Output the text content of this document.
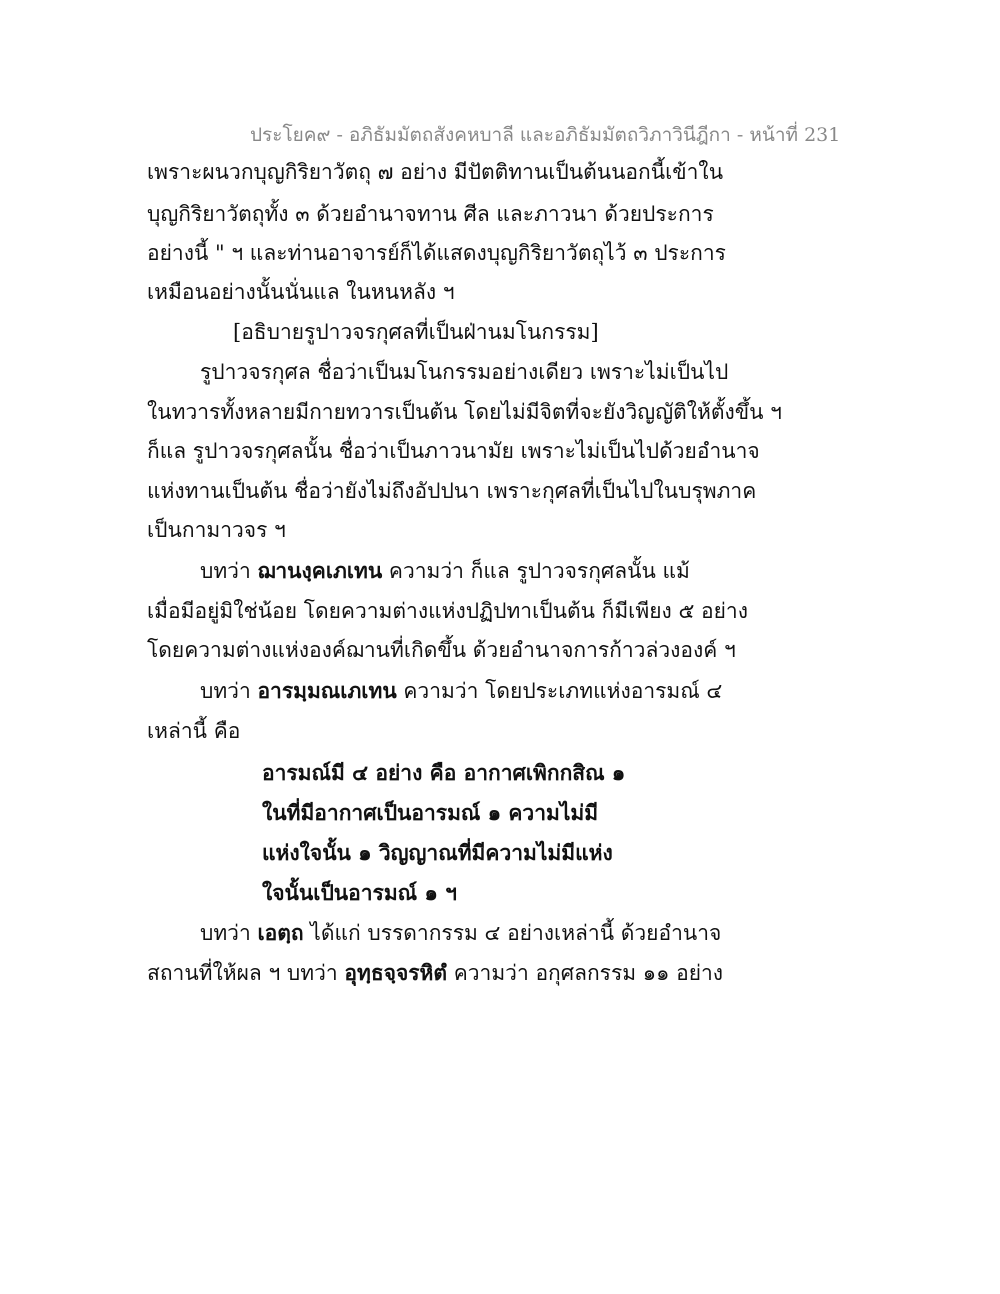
ประโยค๙ - อภิธัมมัตถสังคหบาลี และอภิธัมมัตถวิภาวินีฎีกา - หน้าที่ 231
เพราะผนวกบุญกิริยาวัตถุ ๗ อย่าง มีปัตติทานเป็นต้นนอกนี้เข้าใน
บุญกิริยาวัตถุทั้ง ๓ ด้วยอำนาจทาน ศีล และภาวนา ด้วยประการ
อย่างนี้ " ฯ และท่านอาจารย์ก็ได้แสดงบุญกิริยาวัตถุไว้ ๓ ประการ
เหมือนอย่างนั้นนั่นแล ในหนหลัง ฯ
[อธิบายรูปาวจรกุศลที่เป็นฝ่านมโนกรรม]
รูปาวจรกุศล ชื่อว่าเป็นมโนกรรมอย่างเดียว เพราะไม่เป็นไป
ในทวารทั้งหลายมีกายทวารเป็นต้น โดยไม่มีจิตที่จะยังวิญญัติให้ตั้งขึ้น ฯ
ก็แล รูปาวจรกุศลนั้น ชื่อว่าเป็นภาวนามัย เพราะไม่เป็นไปด้วยอำนาจ
แห่งทานเป็นต้น ชื่อว่ายังไม่ถึงอัปปนา เพราะกุศลที่เป็นไปในบรุพภาค
เป็นกามาวจร ฯ
บทว่า ฌานงฺคเภเทน ความว่า ก็แล รูปาวจรกุศลนั้น แม้
เมื่อมีอยู่มิใช่น้อย โดยความต่างแห่งปฏิปทาเป็นต้น ก็มีเพียง ๕ อย่าง
โดยความต่างแห่งองค์ฌานที่เกิดขึ้น ด้วยอำนาจการก้าวล่วงองค์ ฯ
บทว่า อารมฺมณเภเทน ความว่า โดยประเภทแห่งอารมณ์ ๔
เหล่านี้ คือ
อารมณ์มี ๔ อย่าง คือ อากาศเพิกกสิณ ๑
ในที่มีอากาศเป็นอารมณ์ ๑ ความไม่มี
แห่งใจนั้น ๑ วิญญาณที่มีความไม่มีแห่ง
ใจนั้นเป็นอารมณ์ ๑ ฯ
บทว่า เอตฺถ ได้แก่ บรรดากรรม ๔ อย่างเหล่านี้ ด้วยอำนาจ
สถานที่ให้ผล ฯ บทว่า อุทฺธจฺจรหิตํ ความว่า อกุศลกรรม ๑๑ อย่าง
